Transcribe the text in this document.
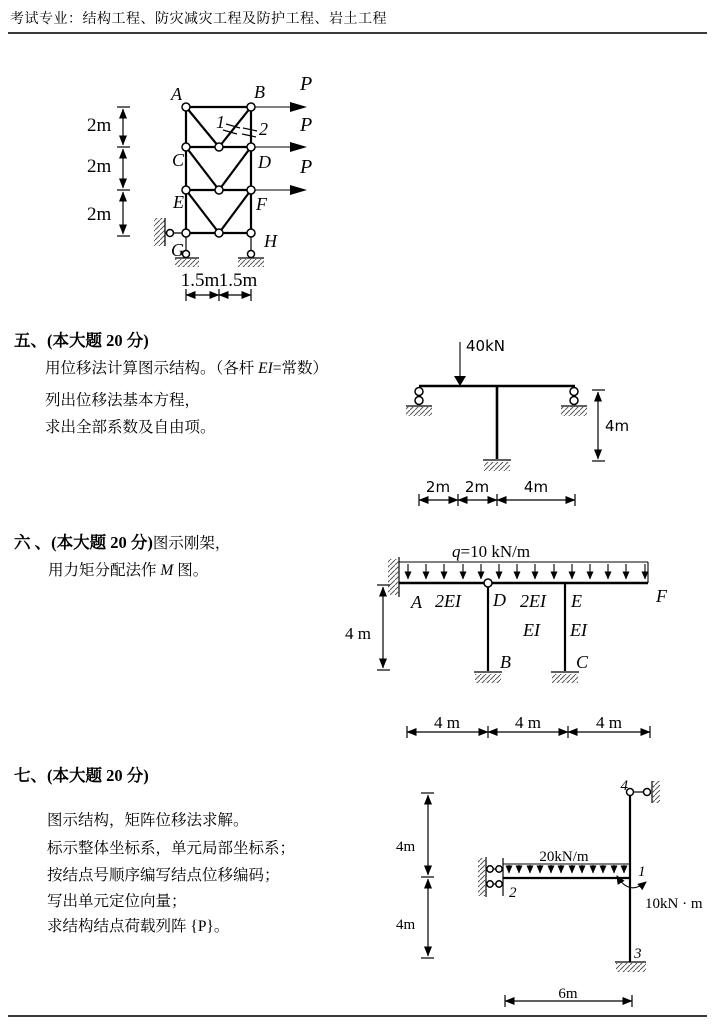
考试专业：结构工程、防灾减灾工程及防护工程、岩土工程
2m
2m
2m
1.5m 1.5m
A	B
C	D
E	F
G	H
1 2
P
P
P
五、(本大题 20 分)
用位移法计算图示结构。（各杆 EI=常数）
列出位移法基本方程，
求出全部系数及自由项。
40kN
4m
2m 2m 4m
六 、(本大题 20 分)图示刚架，
用力矩分配法作 M 图。
q=10 kN/m
A 2EI D 2EI E	F
EI EI
B	C
4 m
4 m	4 m	4 m
七、(本大题 20 分)
图示结构，矩阵位移法求解。
标示整体坐标系，单元局部坐标系；
按结点号顺序编写结点位移编码；
写出单元定位向量；
求结构结点荷载列阵 {P}。
4m
4m
4
20kN/m
2
1
10kN · m
3
6m
